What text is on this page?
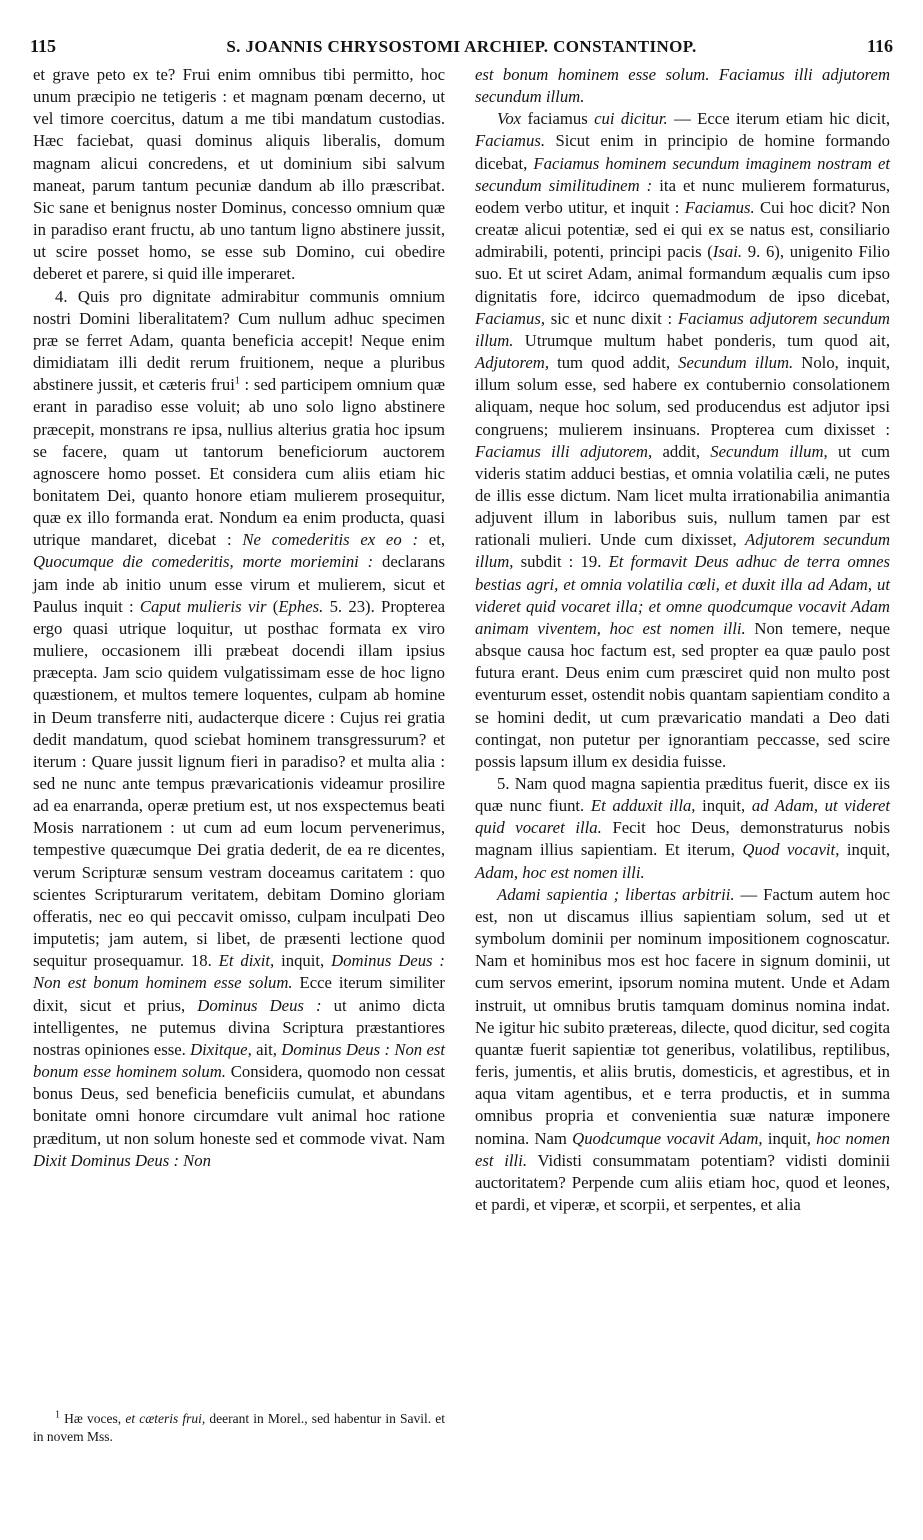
115	S. JOANNIS CHRYSOSTOMI ARCHIEP. CONSTANTINOP.	116

et grave peto ex te? Frui enim omnibus tibi permitto, hoc unum præcipio ne tetigeris : et magnam pœnam decerno, ut vel timore coercitus, datum a me tibi mandatum custodias. Hæc faciebat, quasi dominus aliquis liberalis, domum magnam alicui concredens, et ut dominium sibi salvum maneat, parum tantum pecuniæ dandum ab illo præscribat. Sic sane et benignus noster Dominus, concesso omnium quæ in paradiso erant fructu, ab uno tantum ligno abstinere jussit, ut scire posset homo, se esse sub Domino, cui obedire deberet et parere, si quid ille imperaret.

4. Quis pro dignitate admirabitur communis omnium nostri Domini liberalitatem? Cum nullum adhuc specimen præ se ferret Adam, quanta beneficia accepit! Neque enim dimidiatam illi dedit rerum fruitionem, neque a pluribus abstinere jussit, et cæteris frui$^1$ : sed participem omnium quæ erant in paradiso esse voluit; ab uno solo ligno abstinere præcepit, monstrans re ipsa, nullius alterius gratia hoc ipsum se facere, quam ut tantorum beneficiorum auctorem agnoscere homo posset. Et considera cum aliis etiam hic bonitatem Dei, quanto honore etiam mulierem prosequitur, quæ ex illo formanda erat. Nondum ea enim producta, quasi utrique mandaret, dicebat : Ne comederitis ex eo : et, Quocumque die comederitis, morte moriemini : declarans jam inde ab initio unum esse virum et mulierem, sicut et Paulus inquit : Caput mulieris vir (Ephes. 5. 23). Propterea ergo quasi utrique loquitur, ut posthac formata ex viro muliere, occasionem illi præbeat docendi illam ipsius præcepta. Jam scio quidem vulgatissimam esse de hoc ligno quæstionem, et multos temere loquentes, culpam ab homine in Deum transferre niti, audacterque dicere : Cujus rei gratia dedit mandatum, quod sciebat hominem transgressurum? et iterum : Quare jussit lignum fieri in paradiso? et multa alia : sed ne nunc ante tempus prævaricationis videamur prosilire ad ea enarranda, operæ pretium est, ut nos exspectemus beati Mosis narrationem : ut cum ad eum locum pervenerimus, tempestive quæcumque Dei gratia dederit, de ea re dicentes, verum Scripturæ sensum vestram doceamus caritatem : quo scientes Scripturarum veritatem, debitam Domino gloriam offeratis, nec eo qui peccavit omisso, culpam inculpati Deo imputetis; jam autem, si libet, de præsenti lectione quod sequitur prosequamur. 18. Et dixit, inquit, Dominus Deus : Non est bonum hominem esse solum. Ecce iterum similiter dixit, sicut et prius, Dominus Deus : ut animo dicta intelligentes, ne putemus divina Scriptura præstantiores nostras opiniones esse. Dixitque, ait, Dominus Deus : Non est bonum esse hominem solum. Considera, quomodo non cessat bonus Deus, sed beneficia beneficiis cumulat, et abundans bonitate omni honore circumdare vult animal hoc ratione præditum, ut non solum honeste sed et commode vivat. Nam Dixit Dominus Deus : Non

$^1$ Hæ voces, et cæteris frui, deerant in Morel., sed habentur in Savil. et in novem Mss.

est bonum hominem esse solum. Faciamus illi adjutorem secundum illum.

Vox faciamus cui dicitur. — Ecce iterum etiam hic dicit, Faciamus. Sicut enim in principio de homine formando dicebat, Faciamus hominem secundum imaginem nostram et secundum similitudinem : ita et nunc mulierem formaturus, eodem verbo utitur, et inquit : Faciamus. Cui hoc dicit? Non creatæ alicui potentiæ, sed ei qui ex se natus est, consiliario admirabili, potenti, principi pacis (Isai. 9. 6), unigenito Filio suo. Et ut sciret Adam, animal formandum æqualis cum ipso dignitatis fore, idcirco quemadmodum de ipso dicebat, Faciamus, sic et nunc dixit : Faciamus adjutorem secundum illum. Utrumque multum habet ponderis, tum quod ait, Adjutorem, tum quod addit, Secundum illum. Nolo, inquit, illum solum esse, sed habere ex contubernio consolationem aliquam, neque hoc solum, sed producendus est adjutor ipsi congruens; mulierem insinuans. Propterea cum dixisset : Faciamus illi adjutorem, addit, Secundum illum, ut cum videris statim adduci bestias, et omnia volatilia cæli, ne putes de illis esse dictum. Nam licet multa irrationabilia animantia adjuvent illum in laboribus suis, nullum tamen par est rationali mulieri. Unde cum dixisset, Adjutorem secundum illum, subdit : 19. Et formavit Deus adhuc de terra omnes bestias agri, et omnia volatilia cœli, et duxit illa ad Adam, ut videret quid vocaret illa; et omne quodcumque vocavit Adam animam viventem, hoc est nomen illi. Non temere, neque absque causa hoc factum est, sed propter ea quæ paulo post futura erant. Deus enim cum præsciret quid non multo post eventurum esset, ostendit nobis quantam sapientiam condito a se homini dedit, ut cum prævaricatio mandati a Deo dati contingat, non putetur per ignorantiam peccasse, sed scire possis lapsum illum ex desidia fuisse.

5. Nam quod magna sapientia præditus fuerit, disce ex iis quæ nunc fiunt. Et adduxit illa, inquit, ad Adam, ut videret quid vocaret illa. Fecit hoc Deus, demonstraturus nobis magnam illius sapientiam. Et iterum, Quod vocavit, inquit, Adam, hoc est nomen illi.

Adami sapientia ; libertas arbitrii. — Factum autem hoc est, non ut discamus illius sapientiam solum, sed ut et symbolum dominii per nominum impositionem cognoscatur. Nam et hominibus mos est hoc facere in signum dominii, ut cum servos emerint, ipsorum nomina mutent. Unde et Adam instruit, ut omnibus brutis tamquam dominus nomina indat. Ne igitur hic subito prætereas, dilecte, quod dicitur, sed cogita quantæ fuerit sapientiæ tot generibus, volatilibus, reptilibus, feris, jumentis, et aliis brutis, domesticis, et agrestibus, et in aqua vitam agentibus, et e terra productis, et in summa omnibus propria et convenientia suæ naturæ imponere nomina. Nam Quodcumque vocavit Adam, inquit, hoc nomen est illi. Vidisti consummatam potentiam? vidisti dominii auctoritatem? Perpende cum aliis etiam hoc, quod et leones, et pardi, et viperæ, et scorpii, et serpentes, et alia
